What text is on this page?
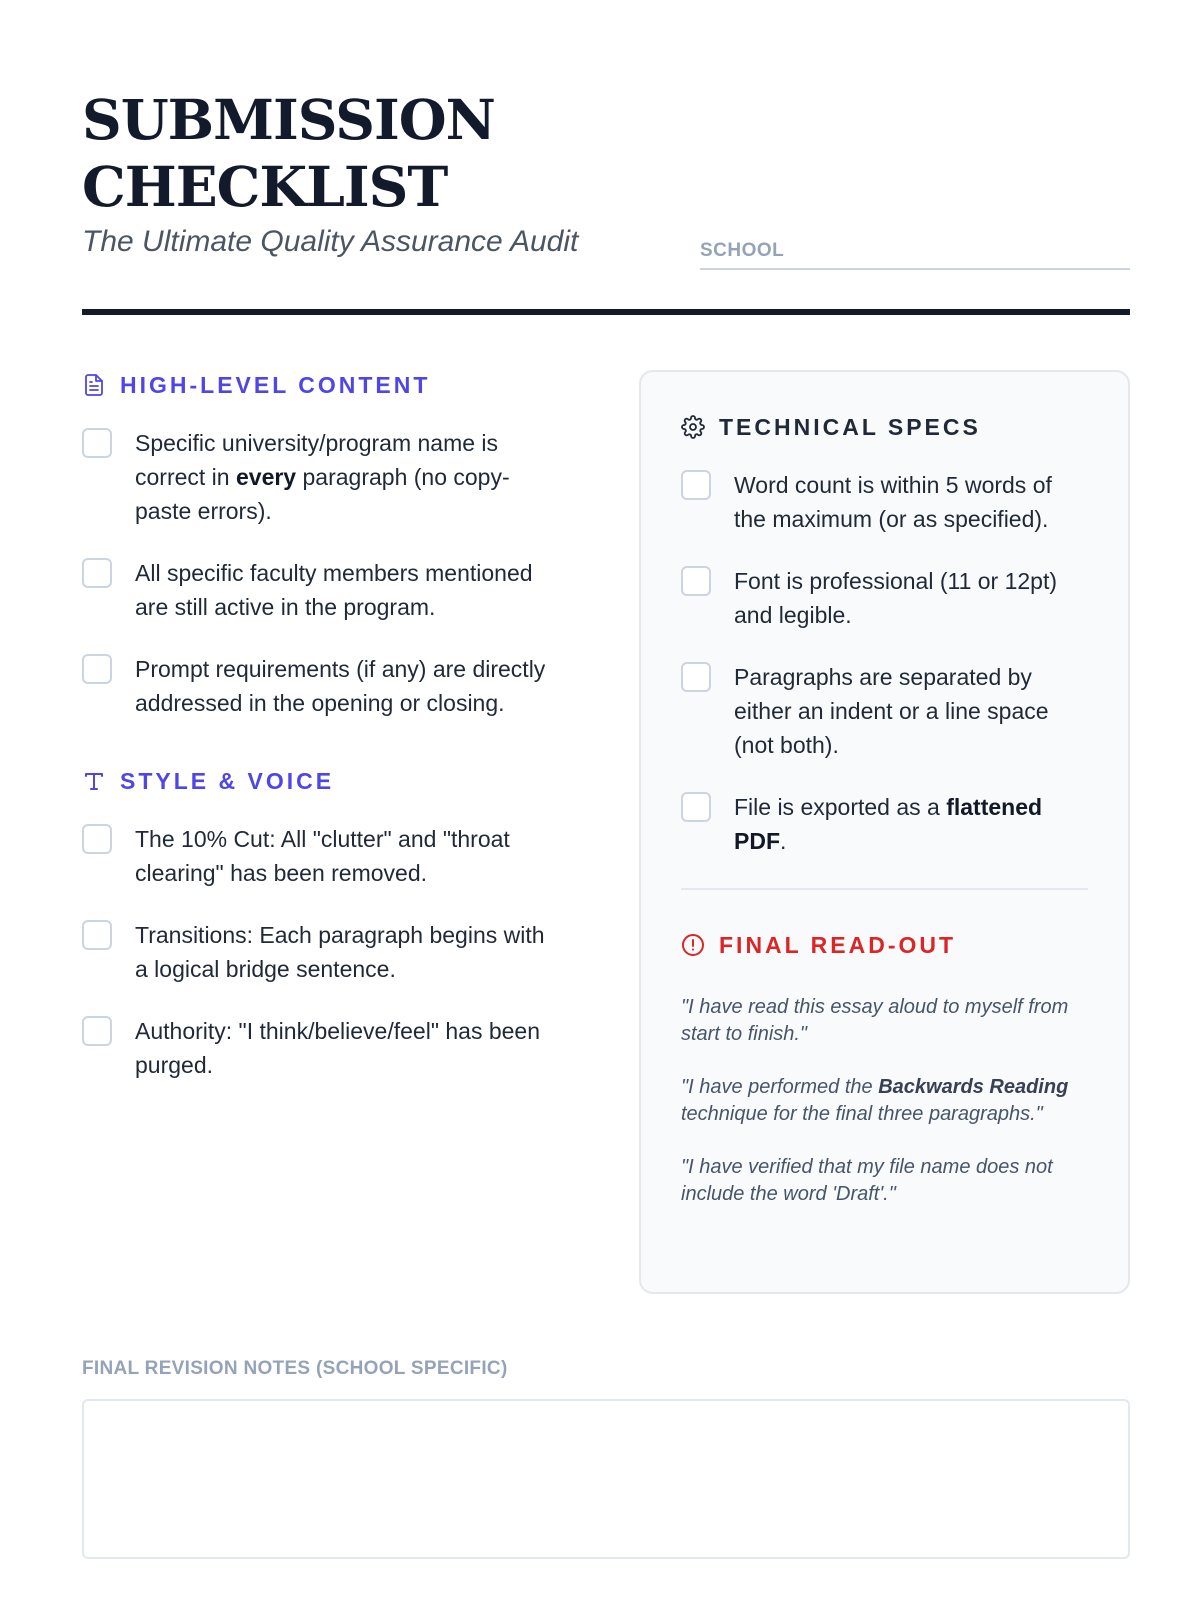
SUBMISSION
CHECKLIST
The Ultimate Quality Assurance Audit	SCHOOL
HIGH-LEVEL CONTENT
Specific university/program name is correct in every paragraph (no copy-paste errors).
All specific faculty members mentioned are still active in the program.
Prompt requirements (if any) are directly addressed in the opening or closing.
STYLE & VOICE
The 10% Cut: All "clutter" and "throat clearing" has been removed.
Transitions: Each paragraph begins with a logical bridge sentence.
Authority: "I think/believe/feel" has been purged.
TECHNICAL SPECS
Word count is within 5 words of the maximum (or as specified).
Font is professional (11 or 12pt) and legible.
Paragraphs are separated by either an indent or a line space (not both).
File is exported as a flattened PDF.
FINAL READ-OUT

"I have read this essay aloud to myself from start to finish."

"I have performed the Backwards Reading technique for the final three paragraphs."

"I have verified that my file name does not include the word 'Draft'."

FINAL REVISION NOTES (SCHOOL SPECIFIC)
